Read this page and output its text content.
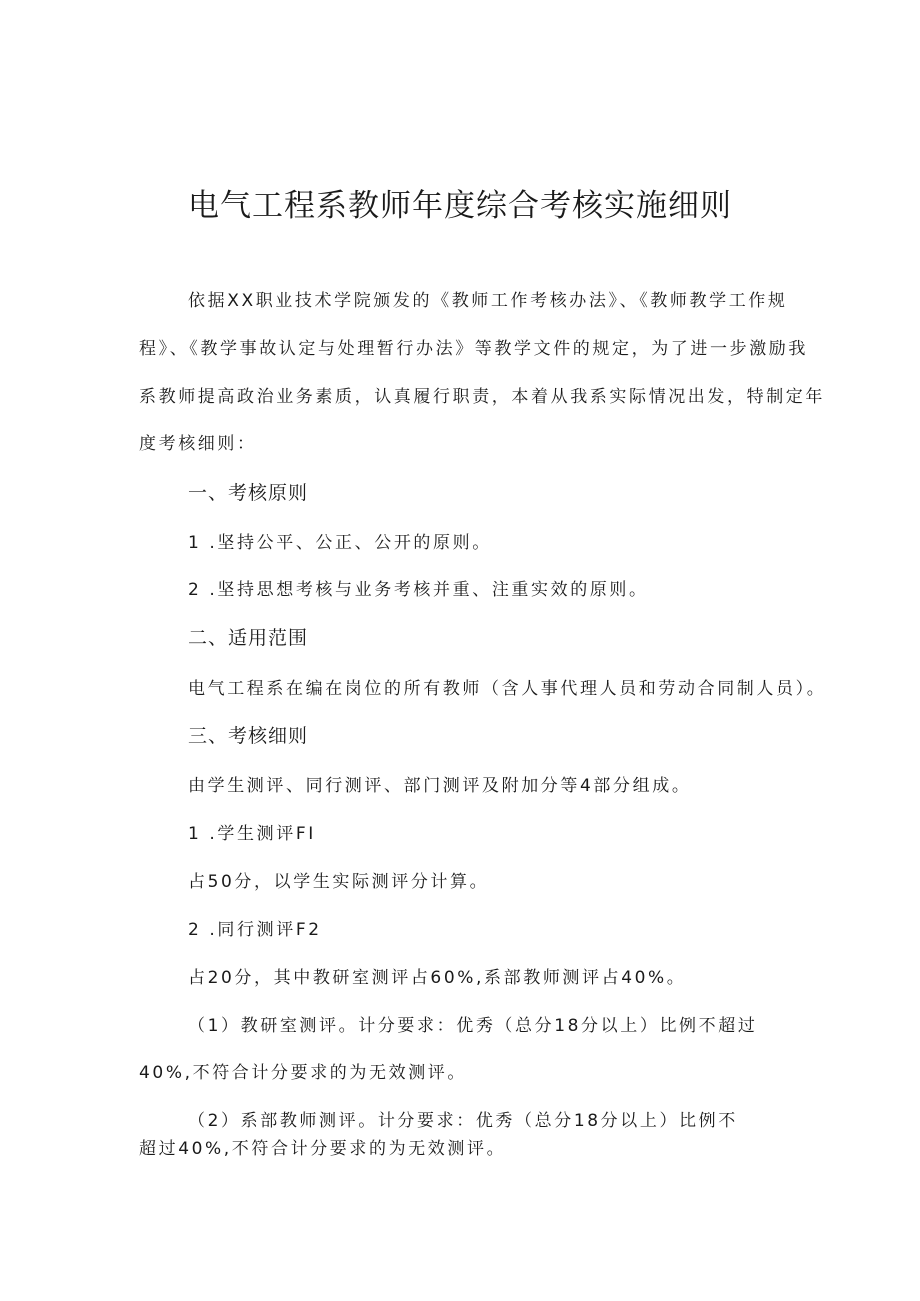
电气工程系教师年度综合考核实施细则
依据XX职业技术学院颁发的《教师工作考核办法》、《教师教学工作规
程》、《教学事故认定与处理暂行办法》等教学文件的规定，为了进一步激励我
系教师提高政治业务素质，认真履行职责，本着从我系实际情况出发，特制定年
度考核细则：
一、考核原则
1 .坚持公平、公正、公开的原则。
2 .坚持思想考核与业务考核并重、注重实效的原则。
二、适用范围
电气工程系在编在岗位的所有教师（含人事代理人员和劳动合同制人员）。
三、考核细则
由学生测评、同行测评、部门测评及附加分等4部分组成。
1 .学生测评FI
占50分，以学生实际测评分计算。
2 .同行测评F2
占20分，其中教研室测评占60%,系部教师测评占40%。
（1）教研室测评。计分要求：优秀（总分18分以上）比例不超过
40%,不符合计分要求的为无效测评。
（2）系部教师测评。计分要求：优秀（总分18分以上）比例不
超过40%,不符合计分要求的为无效测评。
